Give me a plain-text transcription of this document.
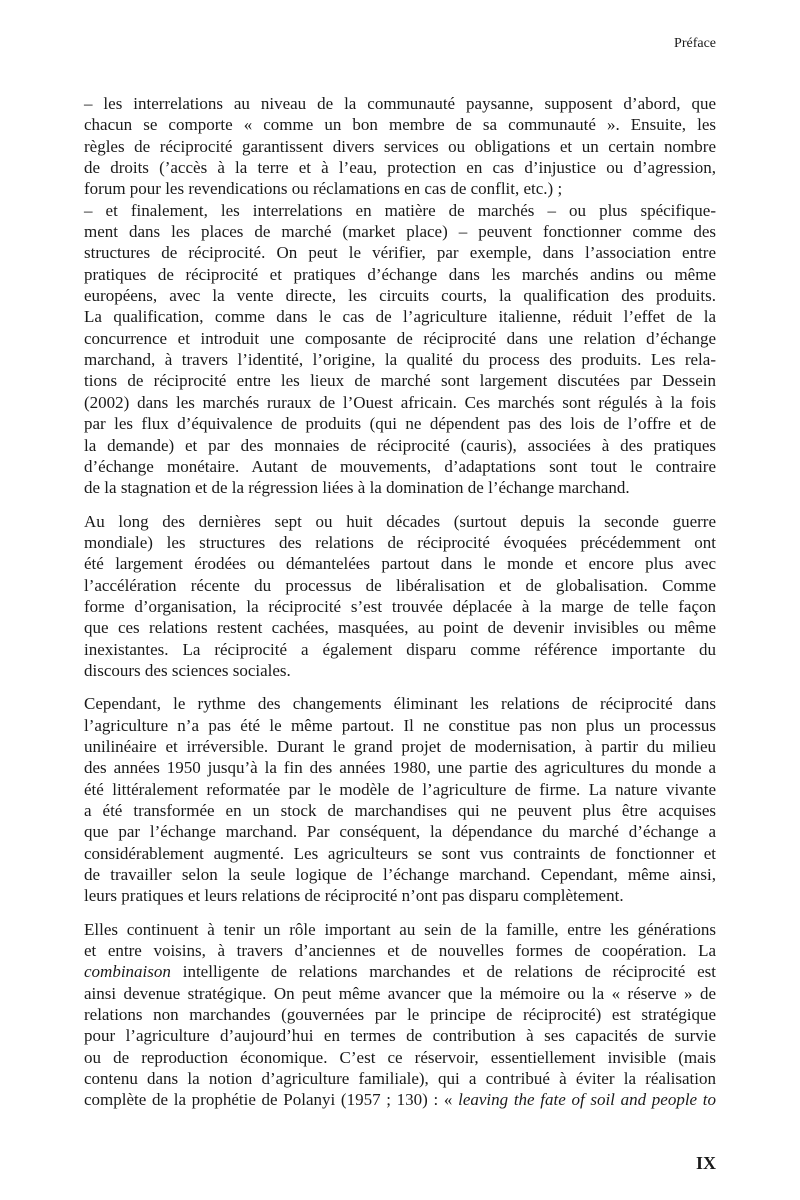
Préface
– les interrelations au niveau de la communauté paysanne, supposent d’abord, que
chacun se comporte « comme un bon membre de sa communauté ». Ensuite, les
règles de réciprocité garantissent divers services ou obligations et un certain nombre
de droits (’accès à la terre et à l’eau, protection en cas d’injustice ou d’agression,
forum pour les revendications ou réclamations en cas de conflit, etc.) ;
– et finalement, les interrelations en matière de marchés – ou plus spécifique-
ment dans les places de marché (market place) – peuvent fonctionner comme des
structures de réciprocité. On peut le vérifier, par exemple, dans l’association entre
pratiques de réciprocité et pratiques d’échange dans les marchés andins ou même
européens, avec la vente directe, les circuits courts, la qualification des produits.
La qualification, comme dans le cas de l’agriculture italienne, réduit l’effet de la
concurrence et introduit une composante de réciprocité dans une relation d’échange
marchand, à travers l’identité, l’origine, la qualité du process des produits. Les rela-
tions de réciprocité entre les lieux de marché sont largement discutées par Dessein
(2002) dans les marchés ruraux de l’Ouest africain. Ces marchés sont régulés à la fois
par les flux d’équivalence de produits (qui ne dépendent pas des lois de l’offre et de
la demande) et par des monnaies de réciprocité (cauris), associées à des pratiques
d’échange monétaire. Autant de mouvements, d’adaptations sont tout le contraire
de la stagnation et de la régression liées à la domination de l’échange marchand.
Au long des dernières sept ou huit décades (surtout depuis la seconde guerre
mondiale) les structures des relations de réciprocité évoquées précédemment ont
été largement érodées ou démantelées partout dans le monde et encore plus avec
l’accélération récente du processus de libéralisation et de globalisation. Comme
forme d’organisation, la réciprocité s’est trouvée déplacée à la marge de telle façon
que ces relations restent cachées, masquées, au point de devenir invisibles ou même
inexistantes. La réciprocité a également disparu comme référence importante du
discours des sciences sociales.
Cependant, le rythme des changements éliminant les relations de réciprocité dans
l’agriculture n’a pas été le même partout. Il ne constitue pas non plus un processus
unilinéaire et irréversible. Durant le grand projet de modernisation, à partir du milieu
des années 1950 jusqu’à la fin des années 1980, une partie des agricultures du monde a
été littéralement reformatée par le modèle de l’agriculture de firme. La nature vivante
a été transformée en un stock de marchandises qui ne peuvent plus être acquises
que par l’échange marchand. Par conséquent, la dépendance du marché d’échange a
considérablement augmenté. Les agriculteurs se sont vus contraints de fonctionner et
de travailler selon la seule logique de l’échange marchand. Cependant, même ainsi,
leurs pratiques et leurs relations de réciprocité n’ont pas disparu complètement.
Elles continuent à tenir un rôle important au sein de la famille, entre les générations
et entre voisins, à travers d’anciennes et de nouvelles formes de coopération. La
combinaison intelligente de relations marchandes et de relations de réciprocité est
ainsi devenue stratégique. On peut même avancer que la mémoire ou la « réserve » de
relations non marchandes (gouvernées par le principe de réciprocité) est stratégique
pour l’agriculture d’aujourd’hui en termes de contribution à ses capacités de survie
ou de reproduction économique. C’est ce réservoir, essentiellement invisible (mais
contenu dans la notion d’agriculture familiale), qui a contribué à éviter la réalisation
complète de la prophétie de Polanyi (1957 ; 130) : « leaving the fate of soil and people to
IX
